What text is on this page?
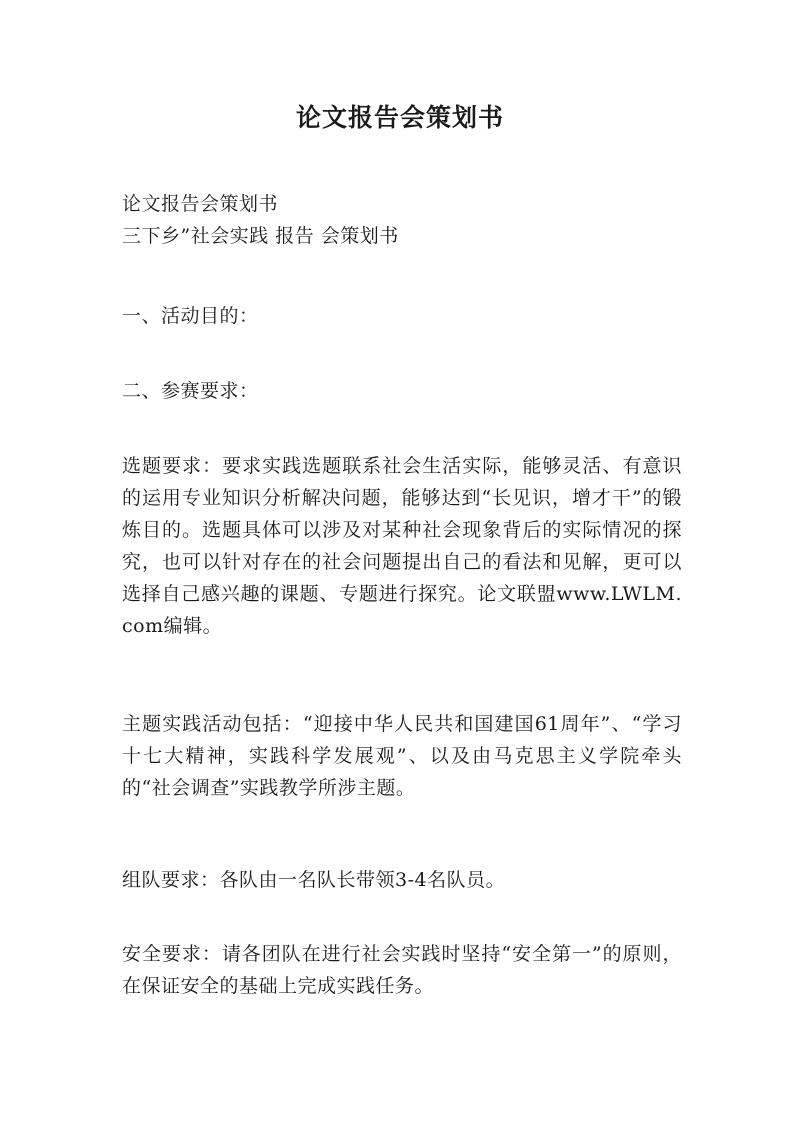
论文报告会策划书

论文报告会策划书

三下乡”社会实践 报告 会策划书

一、活动目的：

二、参赛要求：

选题要求：要求实践选题联系社会生活实际，能够灵活、有意识的运用专业知识分析解决问题，能够达到“长见识，增才干”的锻炼目的。选题具体可以涉及对某种社会现象背后的实际情况的探究，也可以针对存在的社会问题提出自己的看法和见解，更可以选择自己感兴趣的课题、专题进行探究。论文联盟www.LWLM.com编辑。

主题实践活动包括：“迎接中华人民共和国建国61周年”、“学习十七大精神，实践科学发展观”、以及由马克思主义学院牵头的“社会调查”实践教学所涉主题。

组队要求：各队由一名队长带领3-4名队员。

安全要求：请各团队在进行社会实践时坚持“安全第一”的原则，在保证安全的基础上完成实践任务。
